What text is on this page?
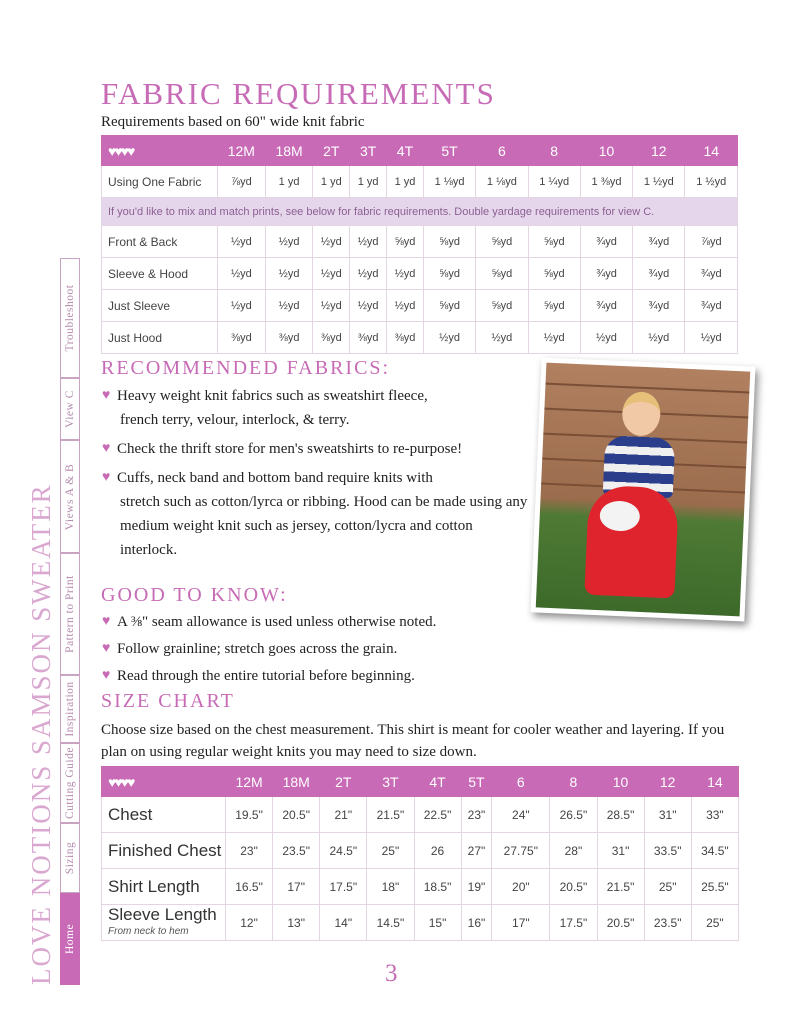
LOVE NOTIONS SAMSON SWEATER Home
Sizing
Cutting Guide
Inspiration
Pattern to Print
Views A & B
View C
Troubleshoot
FABRIC REQUIREMENTS
Requirements based on 60" wide knit fabric
♥♥♥♥	12M	18M	2T	3T	4T	5T	6	8	10	12	14
Using One Fabric	⅞yd	1 yd	1 yd	1 yd	1 yd	1 ⅛yd	1 ⅛yd	1 ¼yd	1 ⅜yd	1 ½yd	1 ½yd
If you'd like to mix and match prints, see below for fabric requirements. Double yardage requirements for view C.											
Front & Back	½yd	½yd	½yd	½yd	⅝yd	⅝yd	⅝yd	⅝yd	¾yd	¾yd	⅞yd
Sleeve & Hood	½yd	½yd	½yd	½yd	½yd	⅝yd	⅝yd	⅝yd	¾yd	¾yd	¾yd
Just Sleeve	½yd	½yd	½yd	½yd	½yd	⅝yd	⅝yd	⅝yd	¾yd	¾yd	¾yd
Just Hood	⅜yd	⅜yd	⅜yd	⅜yd	⅜yd	½yd	½yd	½yd	½yd	½yd	½yd
RECOMMENDED FABRICS:
♥ Heavy weight knit fabrics such as sweatshirt fleece,
french terry, velour, interlock, & terry.
♥ Check the thrift store for men's sweatshirts to re-purpose!
♥ Cuffs, neck band and bottom band require knits with
stretch such as cotton/lyrca or ribbing. Hood can be made using any medium weight knit such as jersey, cotton/lycra and cotton interlock.
GOOD TO KNOW:
♥ A ⅜" seam allowance is used unless otherwise noted.
♥ Follow grainline; stretch goes across the grain.
♥ Read through the entire tutorial before beginning.
SIZE CHART
Choose size based on the chest measurement. This shirt is meant for cooler weather and layering. If you plan on using regular weight knits you may need to size down.
♥♥♥♥	12M	18M	2T	3T	4T	5T	6	8	10	12	14
Chest	19.5"	20.5"	21"	21.5"	22.5"	23"	24"	26.5"	28.5"	31"	33"
Finished Chest	23"	23.5"	24.5"	25"	26	27"	27.75"	28"	31"	33.5"	34.5"
Shirt Length	16.5"	17"	17.5"	18"	18.5"	19"	20"	20.5"	21.5"	25"	25.5"
Sleeve Length
From neck to hem	12"	13"	14"	14.5"	15"	16"	17"	17.5"	20.5"	23.5"	25"
3
